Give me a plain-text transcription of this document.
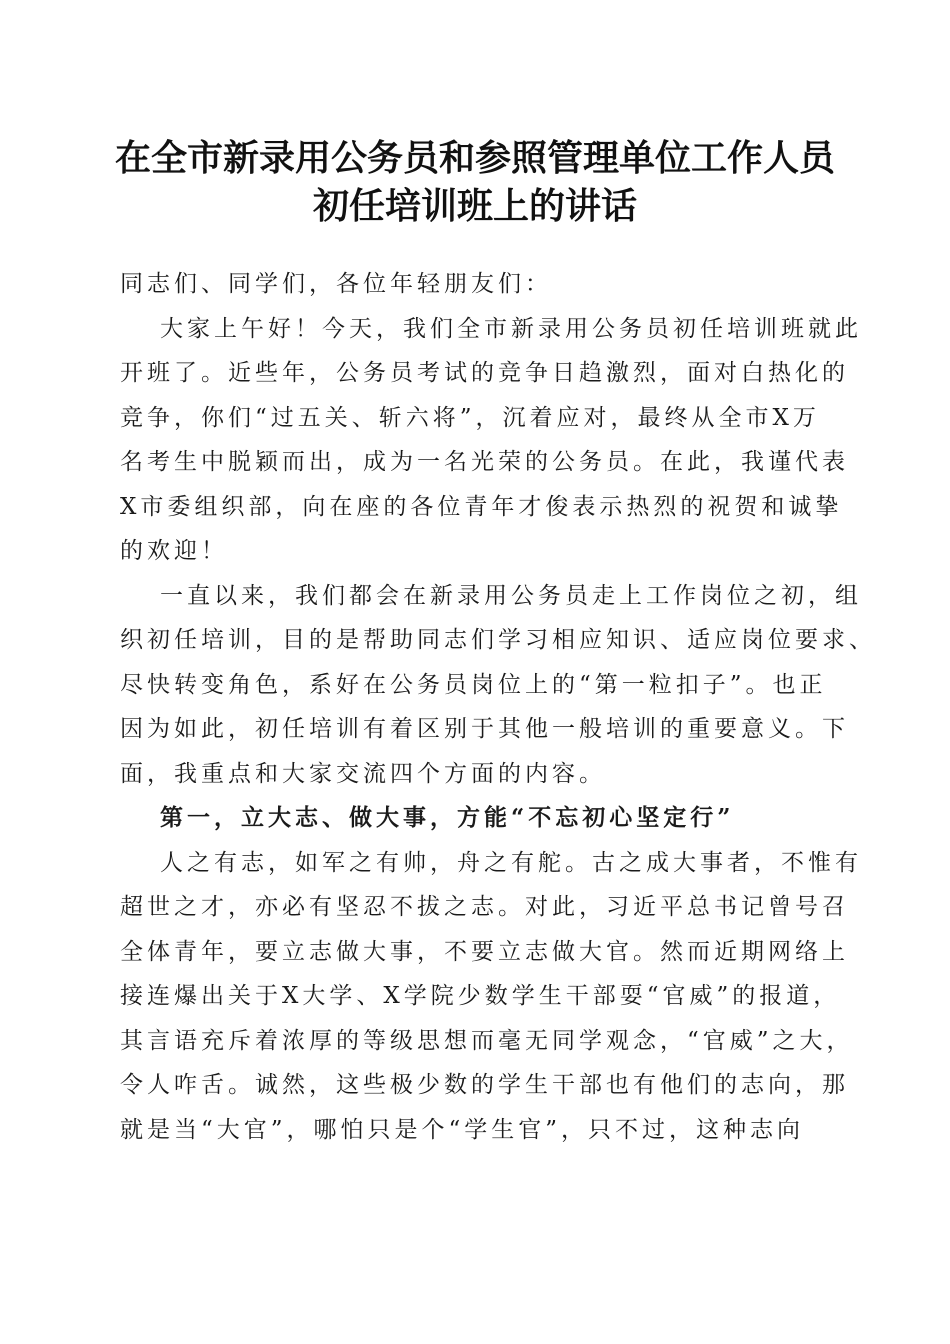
在全市新录用公务员和参照管理单位工作人员
初任培训班上的讲话
同志们、同学们，各位年轻朋友们：
大家上午好！今天，我们全市新录用公务员初任培训班就此
开班了。近些年，公务员考试的竞争日趋激烈，面对白热化的
竞争，你们“过五关、斩六将”，沉着应对，最终从全市X万
名考生中脱颖而出，成为一名光荣的公务员。在此，我谨代表
X市委组织部，向在座的各位青年才俊表示热烈的祝贺和诚挚
的欢迎！
一直以来，我们都会在新录用公务员走上工作岗位之初，组
织初任培训，目的是帮助同志们学习相应知识、适应岗位要求、
尽快转变角色，系好在公务员岗位上的“第一粒扣子”。也正
因为如此，初任培训有着区别于其他一般培训的重要意义。下
面，我重点和大家交流四个方面的内容。
第一，立大志、做大事，方能“不忘初心坚定行”
人之有志，如军之有帅，舟之有舵。古之成大事者，不惟有
超世之才，亦必有坚忍不拔之志。对此，习近平总书记曾号召
全体青年，要立志做大事，不要立志做大官。然而近期网络上
接连爆出关于X大学、X学院少数学生干部耍“官威”的报道，
其言语充斥着浓厚的等级思想而毫无同学观念，“官威”之大，
令人咋舌。诚然，这些极少数的学生干部也有他们的志向，那
就是当“大官”，哪怕只是个“学生官”，只不过，这种志向
